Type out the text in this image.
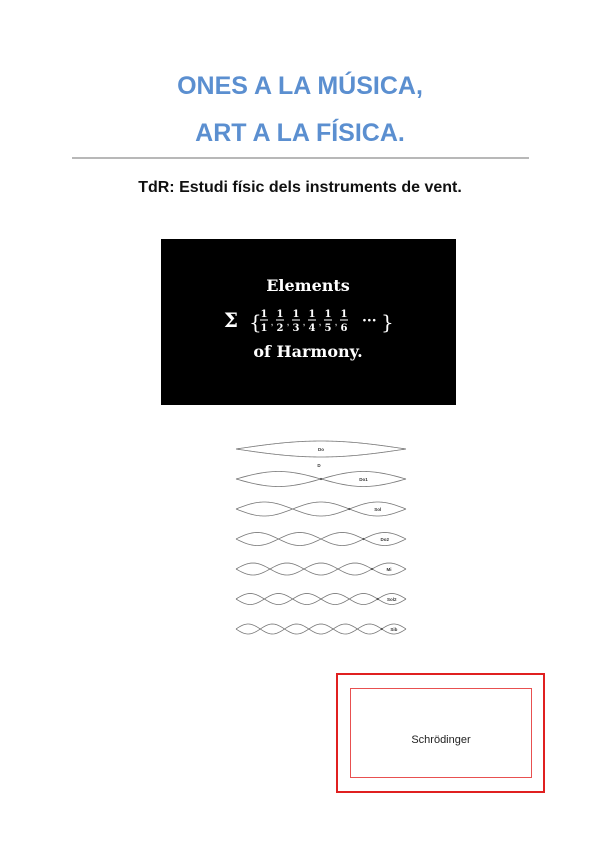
ONES A LA MÚSICA,
ART A LA FÍSICA.
TdR: Estudi físic dels instruments de vent.
Elements
Σ {
1
1
,
1
2
,
1
3
,
1
4
,
1
5
,
1
6 ··· }
of Harmony.
Do
Do1
Sol
Do2
Mi
Sol2
Sib
D
Schrödinger
